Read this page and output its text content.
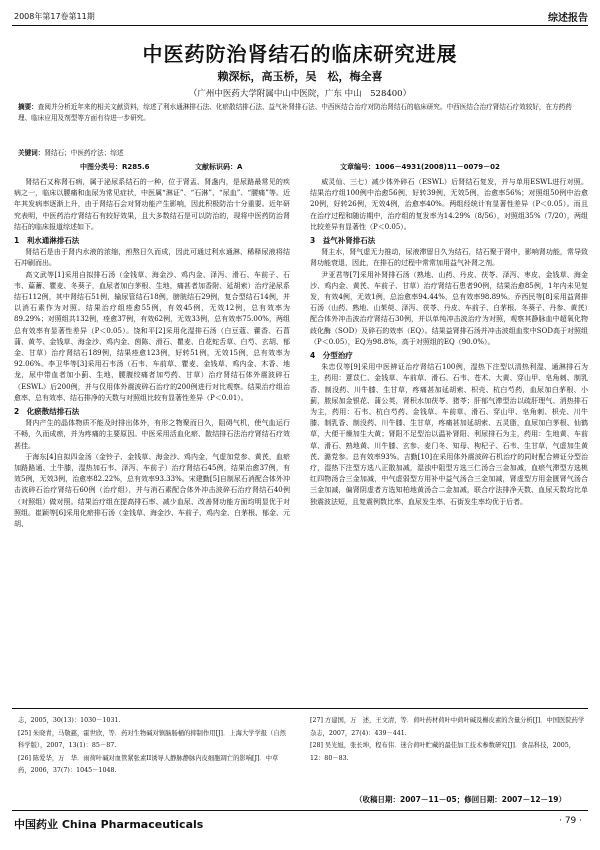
2008年第17卷第11期	综述报告
中医药防治肾结石的临床研究进展
赖深标，高玉桥，吴　松，梅全喜
（广州中医药大学附属中山中医院，广东 中山　528400）
摘要：查阅并分析近年来的相关文献资料，综述了利水通淋排石法、化瘀散结排石法、益气补肾排石法、中西医结合治疗对防治肾结石的临床研究。中西医结合治疗肾结石疗效较好，在方药药理、临床应用及剂型等方面有待进一步研究。
关键词：肾结石；中医药疗法；综述
中图分类号：R285.6	文献标识码：A	文章编号：1006－4931(2008)11－0079－02

肾结石又称肾石病，属于泌尿系结石的一种，位于肾盂、肾盏内，是尿路最常见的疾病之一，临床以腰痛和血尿为常见症状，中医属“淋证”、“石淋”、“尿血”、“腰痛”等。近年其发病率逐渐上升，由于肾结石会对肾功能产生影响，因此积极防治十分重要。近年研究表明，中医药治疗肾结石有较好效果，且大多数结石是可以防治的，现将中医药防治肾结石的临床报道综述如下。

1　利水通淋排石法

肾结石是由于肾内水液的浓缩，煎熬日久而成，因此可通过利水通淋、稀释尿液将结石冲刷而出。

高文武等[1]采用自拟排石汤（金钱草、海金沙、鸡内金、泽泻、滑石、车前子、石韦、萹蓄、瞿麦、冬葵子，血尿者加白茅根、生地，痛甚者加香附、延胡索）治疗泌尿系结石112例，其中肾结石51例，输尿管结石18例，膀胱结石29例，复合型结石14例，并以消石素作为对照。结果治疗组痊愈55例，有效45例，无效12例，总有效率为89.29%；对照组共132例，痊愈37例，有效62例，无效33例，总有效率75.00%，两组总有效率有显著性差异（P＜0.05）。饶和平[2]采用化湿排石汤（白豆蔻、藿香、石菖蒲、黄芩、金钱草、海金沙、鸡内金、茵陈、滑石、瞿麦、白花蛇舌草、白芍、玄胡、郁金、甘草）治疗肾结石189例，结果痊愈123例，好转51例，无效15例，总有效率为92.06%。李卫华等[3]采用石韦汤（石韦、车前草、瞿麦、金钱草、鸡内金、木香、地龙，尿中带血者加小蓟、生地，腰腹绞痛者加芍药、甘草）治疗肾结石体外震波碎石（ESWL）后200例，并与仅用体外震波碎石治疗的200例进行对比观察。结果治疗组治愈率、总有效率、结石排净的天数与对照组比较有显著性差异（P＜0.01）。

2　化瘀散结排石法

肾内产生的晶体物质不能及时排出体外，有形之物聚而日久，阻碍气机，使气血运行不畅，久而成瘀，并为疼痛的主要原因。中医采用活血化瘀、散结排石法治疗肾结石疗效甚佳。

于海东[4]自拟四金汤（金铃子、金钱草、海金沙、鸡内金，气虚加党参、黄芪，血瘀加路路通、土牛膝，湿热加石韦、泽泻、车前子）治疗肾结石45例，结果治愈37例，有效5例，无效3例，治愈率82.22%，总有效率93.33%。宋建勤[5]自制尿石消配合体外冲击波碎石治疗肾结石60例（治疗组），并与消石素配合体外冲击波碎石治疗肾结石40例（对照组）做对照。结果治疗组在提高排石率、减少血尿、改善肾功能方面均明显优于对照组。崔颖等[6]采用化瘀排石汤（金钱草、海金沙、车前子、鸡内金、白茅根、郁金、元胡、

威灵仙、三七）减少体外碎石（ESWL）后肾结石复发，并与单用ESWL进行对照。结果治疗组100例中治愈56例，好转39例，无效5例，治愈率56%；对照组50例中治愈20例，好转26例，无效4例，治愈率40%。两组经统计有显著性差异（P＜0.05）。而且在治疗过程和随访期中，治疗组的复发率为14.29%（8/56），对照组35%（7/20），两组比较差异有显著性（P＜0.05）。

3　益气补肾排石法

肾主水，肾气虚无力推动，尿液滞留日久为结石，结石聚于肾中，影响肾功能，常导致肾功能衰退，因此，在排石的过程中常常加用益气补肾之剂。

尹亚君等[7]采用补肾排石汤（熟地、山药、丹皮、茯苓、泽泻、枣皮、金钱草、海金沙、鸡内金、黄芪、车前子、甘草）治疗肾结石患者90例，结果治愈85例，1年内未见复发，有效4例，无效1例，总治愈率94.44%，总有效率98.89%。乔西民等[8]采用益肾排石汤（山药、熟地、山茱萸、泽泻、茯苓、丹皮、车前子、白茅根、冬葵子、丹参、黄芪）配合体外冲击波治疗肾结石30例，并以单纯冲击波治疗为对照，观察其静脉血中超氧化物歧化酶（SOD）及碎石的效率（EQ）。结果益肾排石汤并冲击波组血浆中SOD高于对照组（P＜0.05），EQ为98.8%，高于对照组的EQ（90.0%）。

4　分型治疗

朱忠仅等[9]采用中医辨证治疗肾结石100例，湿热下注型以清热利湿、通淋排石为主，药用：薏苡仁、金钱草、车前草、滑石、石韦、苍术、大黄、穿山甲、皂角刺、制乳香、制没药、川牛膝、生甘草，疼痛甚加延胡索、枳壳、杭白芍药，血尿加白茅根、小蓟，脓尿加金银花、蒲公英，肾积水加茯苓、猪苓；肝郁气滞型治以疏肝理气、消热排石为主，药用：石韦、杭白芍药、金钱草、车前草、滑石、穿山甲、皂角刺、枳壳、川牛膝、制乳香、制没药、川牛膝、生甘草，疼痛甚加延胡索、五灵脂，血尿加白茅根、仙鹤草，大便干燥加生大黄；肾阳不足型治以温补肾阳、利尿排石为主，药用：生地黄、车前草、滑石、熟地黄、川牛膝、玄参、麦门冬、知母、枸杞子、石韦、生甘草，气虚加生黄芪、潞党参。总有效率93%。吉勤[10]在采用体外震波碎石机治疗的同时配合辨证分型治疗，湿热下注型方选八正散加减，湿浊中阻型方选三仁汤合三金加减，血瘀气滞型方选桃红四物汤合三金加减，中气虚弱型方用补中益气汤合三金加减，肾虚型方用金匮肾气汤合三金加减，偏肾阴虚者方选知柏地黄汤合二金加减，联合疗法排净天数、血尿天数均比单独震波法短，且复震例数比率、血尿发生率、石街发生率均优于后者。

志，2005，30(13)：1030－1031.
[25] 朱晓青，马敬慈，霍世欣，等．药对生物碱对镇脑肠桶的抑制作用[J]．上海大学学报（自然科学版），2007，13(1)：85－87.
[26] 陈爱华，万　华．雨荷叶碱对血管紧张素II诱导人静脉静脉内皮细胞凋亡的影响[J]．中草药，2006，37(7)：1045－1048.
[27] 方建国，万　述，王文清，等．荷叶药材荷叶中荷叶碱及槲皮素的含量分析[J]．中国医院药学杂志，2007，27(4)：439－441.
[28] 吴光旭，张长坤，程布伟．迷合荷叶贮藏的最佳加工技术参数研究[J]．食品科技，2005，12：80－83.
（收稿日期：2007－11－05；修回日期：2007－12－19）
中国药业 China Pharmaceuticals	· 79 ·
